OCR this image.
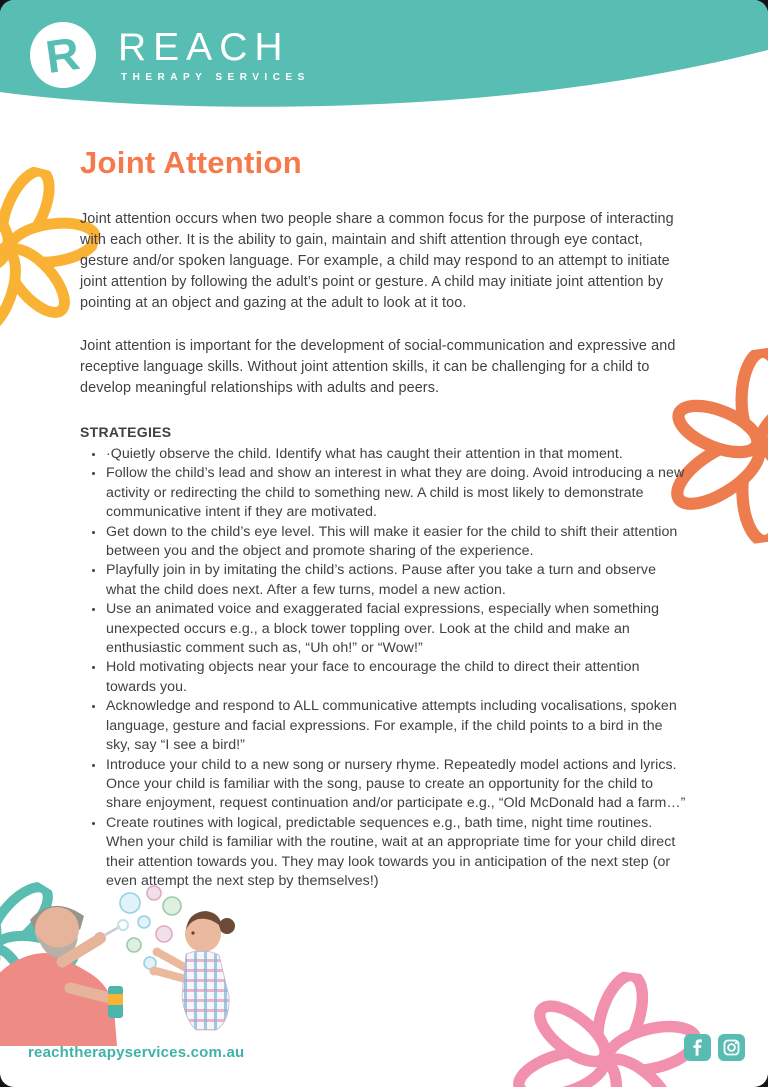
R REACH
THERAPY SERVICES
Joint Attention

Joint attention occurs when two people share a common focus for the purpose of interacting with each other. It is the ability to gain, maintain and shift attention through eye contact, gesture and/or spoken language. For example, a child may respond to an attempt to initiate joint attention by following the adult’s point or gesture. A child may initiate joint attention by pointing at an object and gazing at the adult to look at it too.

Joint attention is important for the development of social-communication and expressive and receptive language skills. Without joint attention skills, it can be challenging for a child to develop meaningful relationships with adults and peers.

STRATEGIES
• ·Quietly observe the child. Identify what has caught their attention in that moment.
• Follow the child’s lead and show an interest in what they are doing. Avoid introducing a new activity or redirecting the child to something new. A child is most likely to demonstrate communicative intent if they are motivated.
• Get down to the child’s eye level. This will make it easier for the child to shift their attention between you and the object and promote sharing of the experience.
• Playfully join in by imitating the child’s actions. Pause after you take a turn and observe what the child does next. After a few turns, model a new action.
• Use an animated voice and exaggerated facial expressions, especially when something unexpected occurs e.g., a block tower toppling over. Look at the child and make an enthusiastic comment such as, “Uh oh!” or “Wow!”
• Hold motivating objects near your face to encourage the child to direct their attention towards you.
• Acknowledge and respond to ALL communicative attempts including vocalisations, spoken language, gesture and facial expressions. For example, if the child points to a bird in the sky, say “I see a bird!”
• Introduce your child to a new song or nursery rhyme. Repeatedly model actions and lyrics. Once your child is familiar with the song, pause to create an opportunity for the child to share enjoyment, request continuation and/or participate e.g., “Old McDonald had a farm…”
• Create routines with logical, predictable sequences e.g., bath time, night time routines. When your child is familiar with the routine, wait at an appropriate time for your child direct their attention towards you. They may look towards you in anticipation of the next step (or even attempt the next step by themselves!)
reachtherapyservices.com.au
